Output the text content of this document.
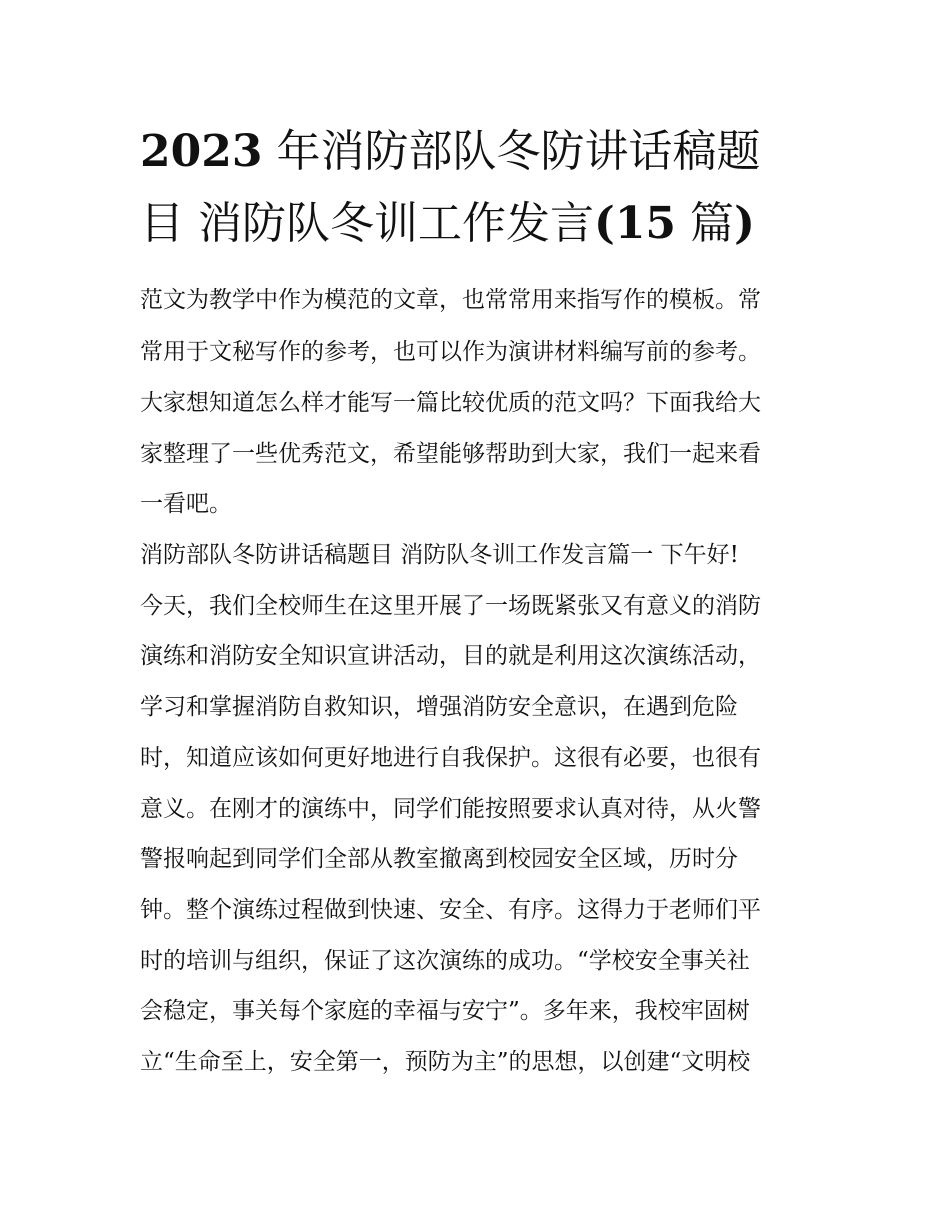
2023 年消防部队冬防讲话稿题
目 消防队冬训工作发言(15 篇)

范文为教学中作为模范的文章，也常常用来指写作的模板。常

常用于文秘写作的参考，也可以作为演讲材料编写前的参考。

大家想知道怎么样才能写一篇比较优质的范文吗？下面我给大

家整理了一些优秀范文，希望能够帮助到大家，我们一起来看

一看吧。

消防部队冬防讲话稿题目 消防队冬训工作发言篇一 下午好!

今天，我们全校师生在这里开展了一场既紧张又有意义的消防

演练和消防安全知识宣讲活动，目的就是利用这次演练活动，

学习和掌握消防自救知识，增强消防安全意识，在遇到危险

时，知道应该如何更好地进行自我保护。这很有必要，也很有

意义。在刚才的演练中，同学们能按照要求认真对待，从火警

警报响起到同学们全部从教室撤离到校园安全区域，历时分

钟。整个演练过程做到快速、安全、有序。这得力于老师们平

时的培训与组织，保证了这次演练的成功。“学校安全事关社

会稳定，事关每个家庭的幸福与安宁”。多年来，我校牢固树

立“生命至上，安全第一，预防为主”的思想，以创建“文明校
